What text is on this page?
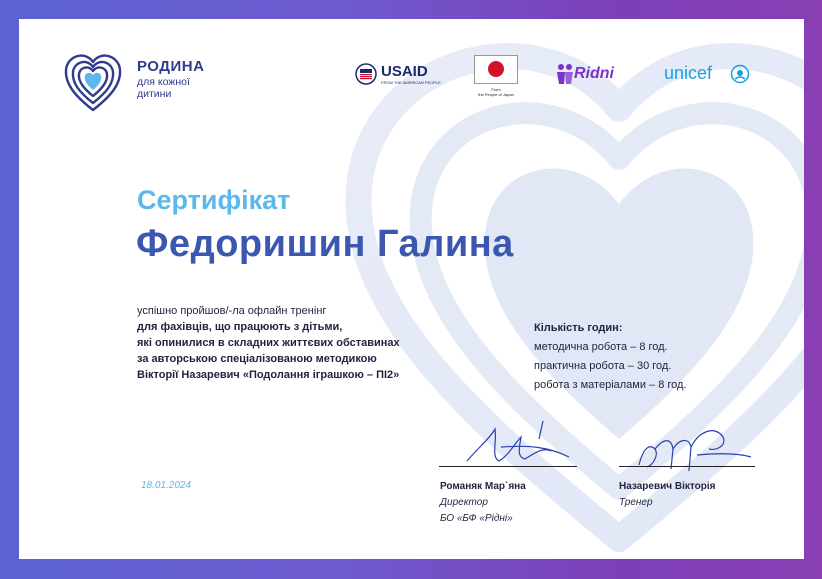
РОДИНА
для кожної
дитини
USAID
FROM THE AMERICAN PEOPLE
From
the People of Japan
Ridni	unicef
Сертифікат
Федоришин Галина
успішно пройшов/-ла офлайн тренінг
для фахівців, що працюють з дітьми,
які опинилися в складних життєвих обставинах
за авторською спеціалізованою методикою
Вікторії Назаревич «Подолання іграшкою – ПІ2»
Кількість годин:
методична робота – 8 год.
практична робота – 30 год.
робота з матеріалами – 8 год.
18.01.2024	Романяк Мар`яна
Директор
БО «БФ «Рідні»
Назаревич Вікторія
Тренер
